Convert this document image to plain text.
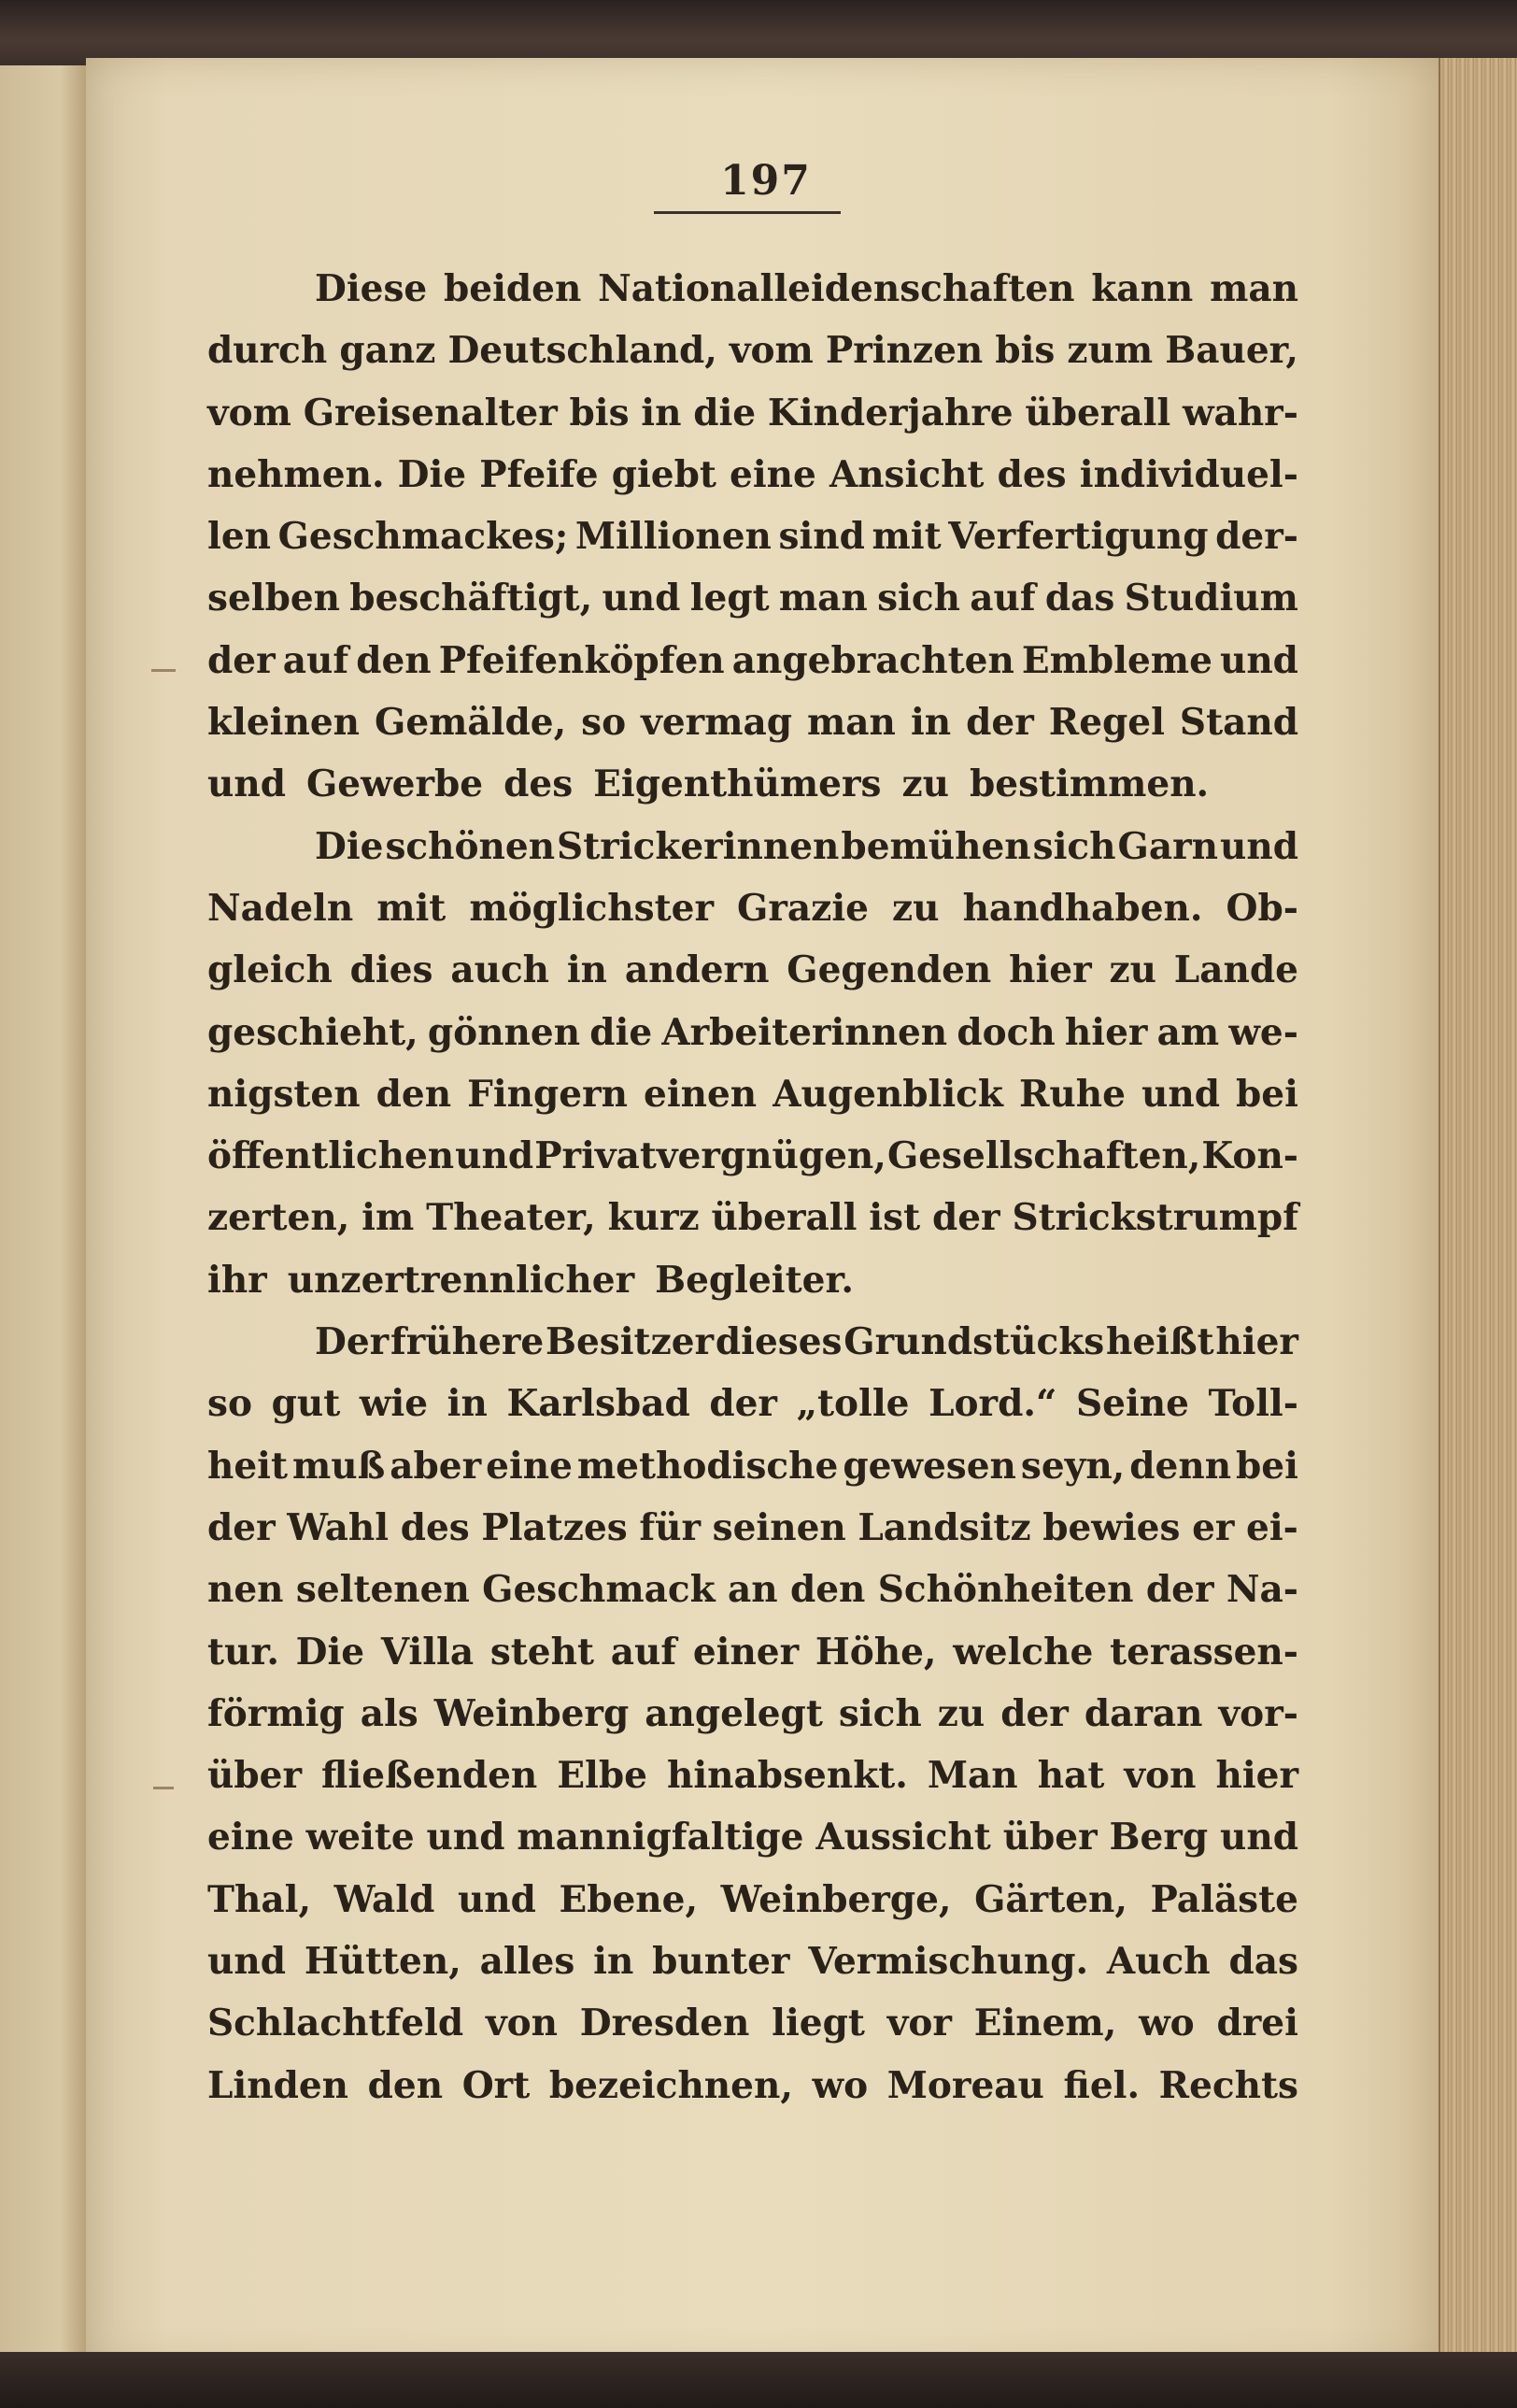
197
Diese beiden Nationalleidenschaften kann man
durch ganz Deutschland, vom Prinzen bis zum Bauer,
vom Greisenalter bis in die Kinderjahre überall wahr-
nehmen. Die Pfeife giebt eine Ansicht des individuel-
len Geschmackes; Millionen sind mit Verfertigung der-
selben beschäftigt, und legt man sich auf das Studium
der auf den Pfeifenköpfen angebrachten Embleme und
kleinen Gemälde, so vermag man in der Regel Stand
und Gewerbe des Eigenthümers zu bestimmen.
Die schönen Strickerinnen bemühen sich Garn und
Nadeln mit möglichster Grazie zu handhaben. Ob-
gleich dies auch in andern Gegenden hier zu Lande
geschieht, gönnen die Arbeiterinnen doch hier am we-
nigsten den Fingern einen Augenblick Ruhe und bei
öffentlichen und Privatvergnügen, Gesellschaften, Kon-
zerten, im Theater, kurz überall ist der Strickstrumpf
ihr unzertrennlicher Begleiter.
Der frühere Besitzer dieses Grundstücks heißt hier
so gut wie in Karlsbad der „tolle Lord.“ Seine Toll-
heit muß aber eine methodische gewesen seyn, denn bei
der Wahl des Platzes für seinen Landsitz bewies er ei-
nen seltenen Geschmack an den Schönheiten der Na-
tur. Die Villa steht auf einer Höhe, welche terassen-
förmig als Weinberg angelegt sich zu der daran vor-
über fließenden Elbe hinabsenkt. Man hat von hier
eine weite und mannigfaltige Aussicht über Berg und
Thal, Wald und Ebene, Weinberge, Gärten, Paläste
und Hütten, alles in bunter Vermischung. Auch das
Schlachtfeld von Dresden liegt vor Einem, wo drei
Linden den Ort bezeichnen, wo Moreau fiel. Rechts
